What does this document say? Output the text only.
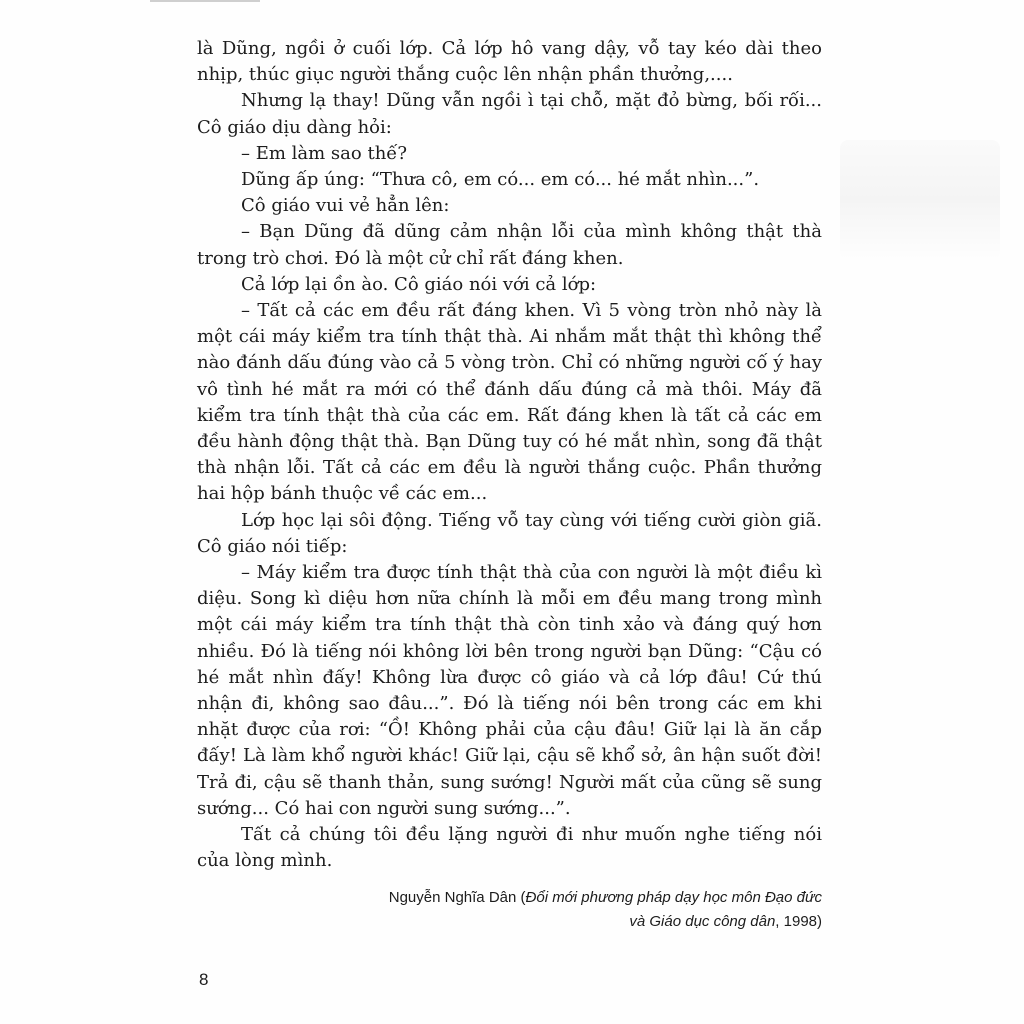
là Dũng, ngồi ở cuối lớp. Cả lớp hô vang dậy, vỗ tay kéo dài theo nhịp, thúc giục người thắng cuộc lên nhận phần thưởng,....

Nhưng lạ thay! Dũng vẫn ngồi ì tại chỗ, mặt đỏ bừng, bối rối... Cô giáo dịu dàng hỏi:

– Em làm sao thế?

Dũng ấp úng: “Thưa cô, em có... em có... hé mắt nhìn...”.

Cô giáo vui vẻ hẳn lên:

– Bạn Dũng đã dũng cảm nhận lỗi của mình không thật thà trong trò chơi. Đó là một cử chỉ rất đáng khen.

Cả lớp lại ồn ào. Cô giáo nói với cả lớp:

– Tất cả các em đều rất đáng khen. Vì 5 vòng tròn nhỏ này là một cái máy kiểm tra tính thật thà. Ai nhắm mắt thật thì không thể nào đánh dấu đúng vào cả 5 vòng tròn. Chỉ có những người cố ý hay vô tình hé mắt ra mới có thể đánh dấu đúng cả mà thôi. Máy đã kiểm tra tính thật thà của các em. Rất đáng khen là tất cả các em đều hành động thật thà. Bạn Dũng tuy có hé mắt nhìn, song đã thật thà nhận lỗi. Tất cả các em đều là người thắng cuộc. Phần thưởng hai hộp bánh thuộc về các em...

Lớp học lại sôi động. Tiếng vỗ tay cùng với tiếng cười giòn giã. Cô giáo nói tiếp:

– Máy kiểm tra được tính thật thà của con người là một điều kì diệu. Song kì diệu hơn nữa chính là mỗi em đều mang trong mình một cái máy kiểm tra tính thật thà còn tinh xảo và đáng quý hơn nhiều. Đó là tiếng nói không lời bên trong người bạn Dũng: “Cậu có hé mắt nhìn đấy! Không lừa được cô giáo và cả lớp đâu! Cứ thú nhận đi, không sao đâu...”. Đó là tiếng nói bên trong các em khi nhặt được của rơi: “Ồ! Không phải của cậu đâu! Giữ lại là ăn cắp đấy! Là làm khổ người khác! Giữ lại, cậu sẽ khổ sở, ân hận suốt đời! Trả đi, cậu sẽ thanh thản, sung sướng! Người mất của cũng sẽ sung sướng... Có hai con người sung sướng...”.

Tất cả chúng tôi đều lặng người đi như muốn nghe tiếng nói của lòng mình.

Nguyễn Nghĩa Dân (Đổi mới phương pháp dạy học môn Đạo đức
và Giáo dục công dân, 1998)
8
